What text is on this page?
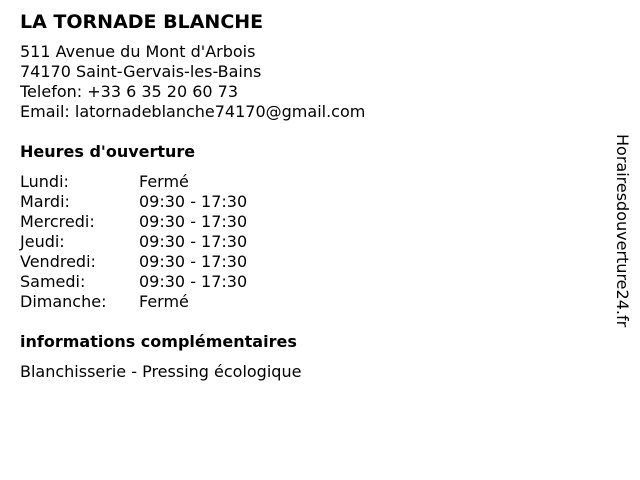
LA TORNADE BLANCHE
511 Avenue du Mont d'Arbois
74170 Saint-Gervais-les-Bains
Telefon: +33 6 35 20 60 73
Email: latornadeblanche74170@gmail.com
Heures d'ouverture
Lundi:	Fermé
Mardi:	09:30 - 17:30
Mercredi:	09:30 - 17:30
Jeudi:	09:30 - 17:30
Vendredi:	09:30 - 17:30
Samedi:	09:30 - 17:30
Dimanche:	Fermé
informations complémentaires
Blanchisserie - Pressing écologique
Horairesdouverture24.fr
